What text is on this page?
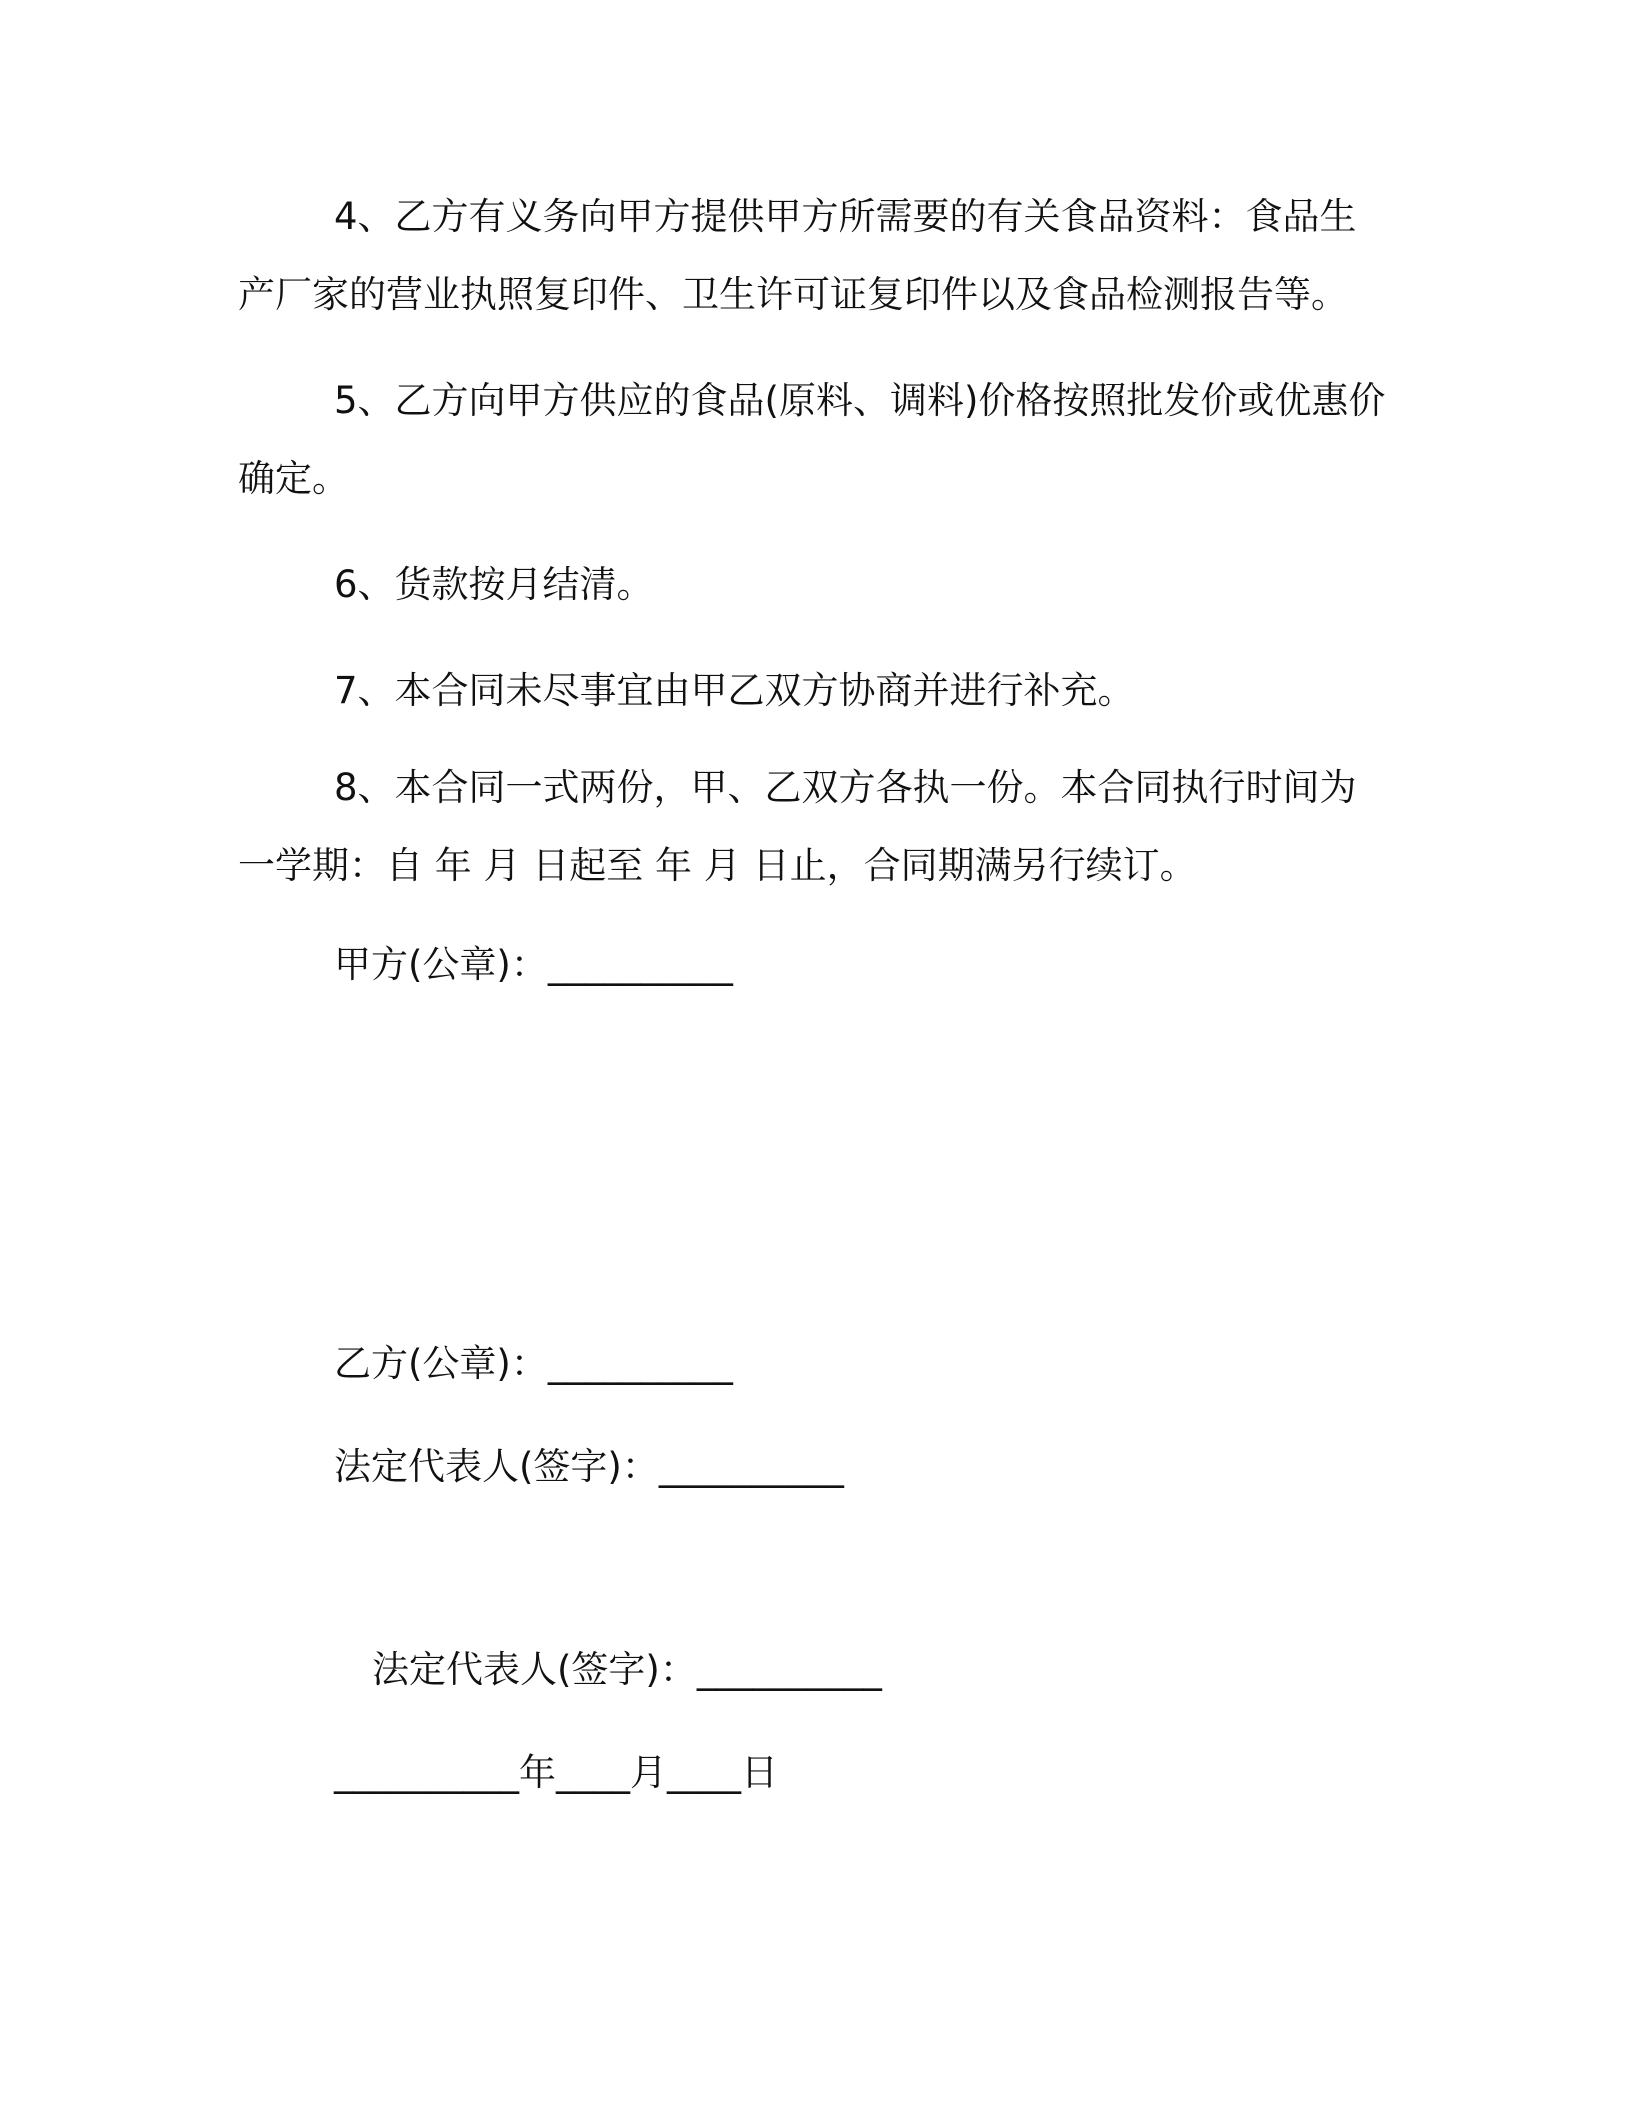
4、乙方有义务向甲方提供甲方所需要的有关食品资料：食品生产厂家的营业执照复印件、卫生许可证复印件以及食品检测报告等。

5、乙方向甲方供应的食品(原料、调料)价格按照批发价或优惠价确定。

6、货款按月结清。

7、本合同未尽事宜由甲乙双方协商并进行补充。

8、本合同一式两份，甲、乙双方各执一份。本合同执行时间为一学期：自 年 月 日起至 年 月 日止，合同期满另行续订。

甲方(公章)：__________

乙方(公章)：__________

法定代表人(签字)：__________

法定代表人(签字)：__________

__________年____月____日
